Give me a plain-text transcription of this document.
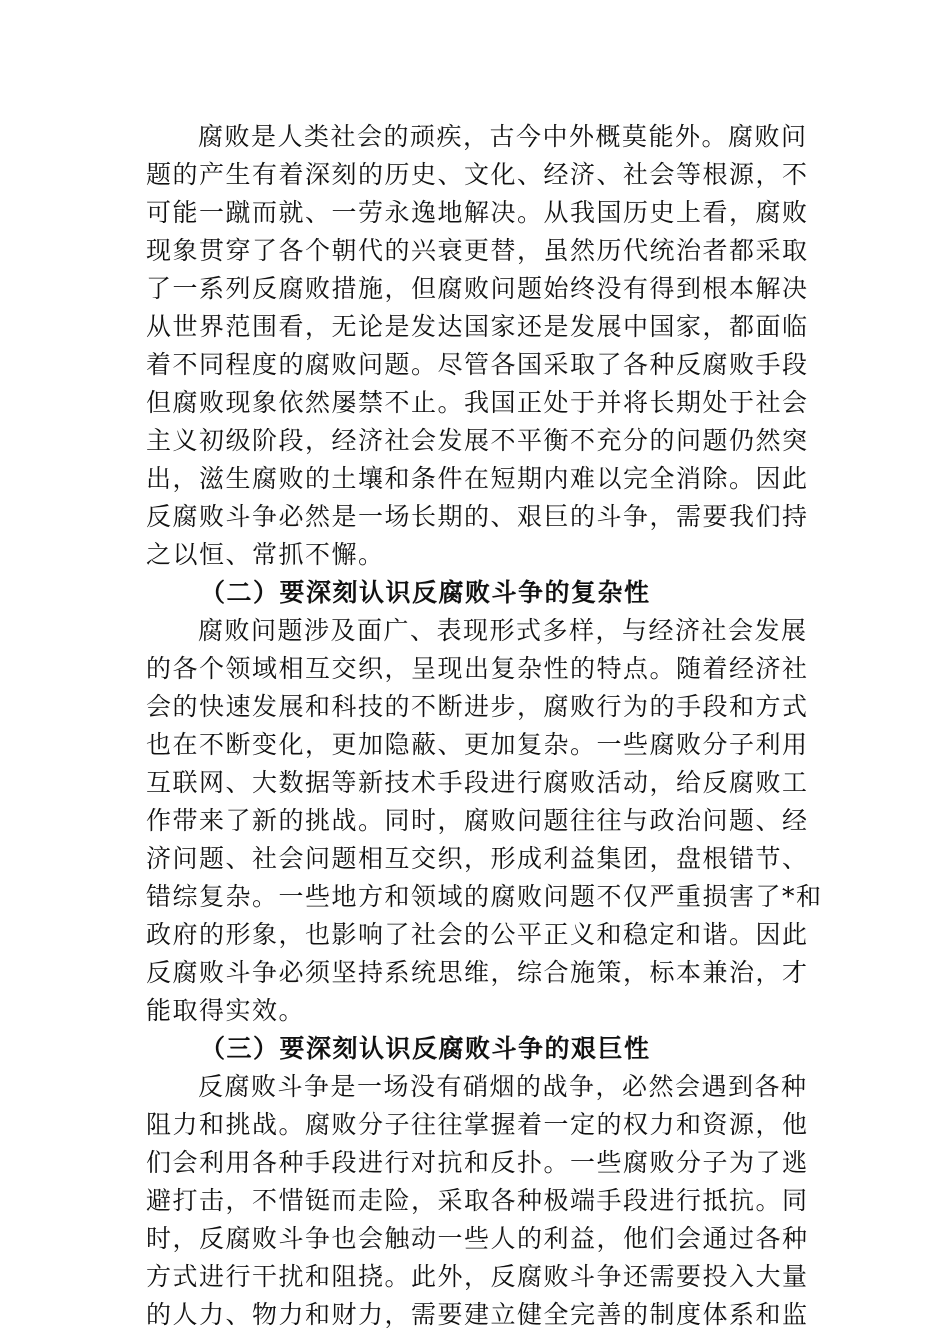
腐败是人类社会的顽疾，古今中外概莫能外。腐败问
题的产生有着深刻的历史、文化、经济、社会等根源，不
可能一蹴而就、一劳永逸地解决。从我国历史上看，腐败
现象贯穿了各个朝代的兴衰更替，虽然历代统治者都采取
了一系列反腐败措施，但腐败问题始终没有得到根本解决
从世界范围看，无论是发达国家还是发展中国家，都面临
着不同程度的腐败问题。尽管各国采取了各种反腐败手段
但腐败现象依然屡禁不止。我国正处于并将长期处于社会
主义初级阶段，经济社会发展不平衡不充分的问题仍然突
出，滋生腐败的土壤和条件在短期内难以完全消除。因此
反腐败斗争必然是一场长期的、艰巨的斗争，需要我们持
之以恒、常抓不懈。
（二）要深刻认识反腐败斗争的复杂性
腐败问题涉及面广、表现形式多样，与经济社会发展
的各个领域相互交织，呈现出复杂性的特点。随着经济社
会的快速发展和科技的不断进步，腐败行为的手段和方式
也在不断变化，更加隐蔽、更加复杂。一些腐败分子利用
互联网、大数据等新技术手段进行腐败活动，给反腐败工
作带来了新的挑战。同时，腐败问题往往与政治问题、经
济问题、社会问题相互交织，形成利益集团，盘根错节、
错综复杂。一些地方和领域的腐败问题不仅严重损害了*和
政府的形象，也影响了社会的公平正义和稳定和谐。因此
反腐败斗争必须坚持系统思维，综合施策，标本兼治，才
能取得实效。
（三）要深刻认识反腐败斗争的艰巨性
反腐败斗争是一场没有硝烟的战争，必然会遇到各种
阻力和挑战。腐败分子往往掌握着一定的权力和资源，他
们会利用各种手段进行对抗和反扑。一些腐败分子为了逃
避打击，不惜铤而走险，采取各种极端手段进行抵抗。同
时，反腐败斗争也会触动一些人的利益，他们会通过各种
方式进行干扰和阻挠。此外，反腐败斗争还需要投入大量
的人力、物力和财力，需要建立健全完善的制度体系和监
